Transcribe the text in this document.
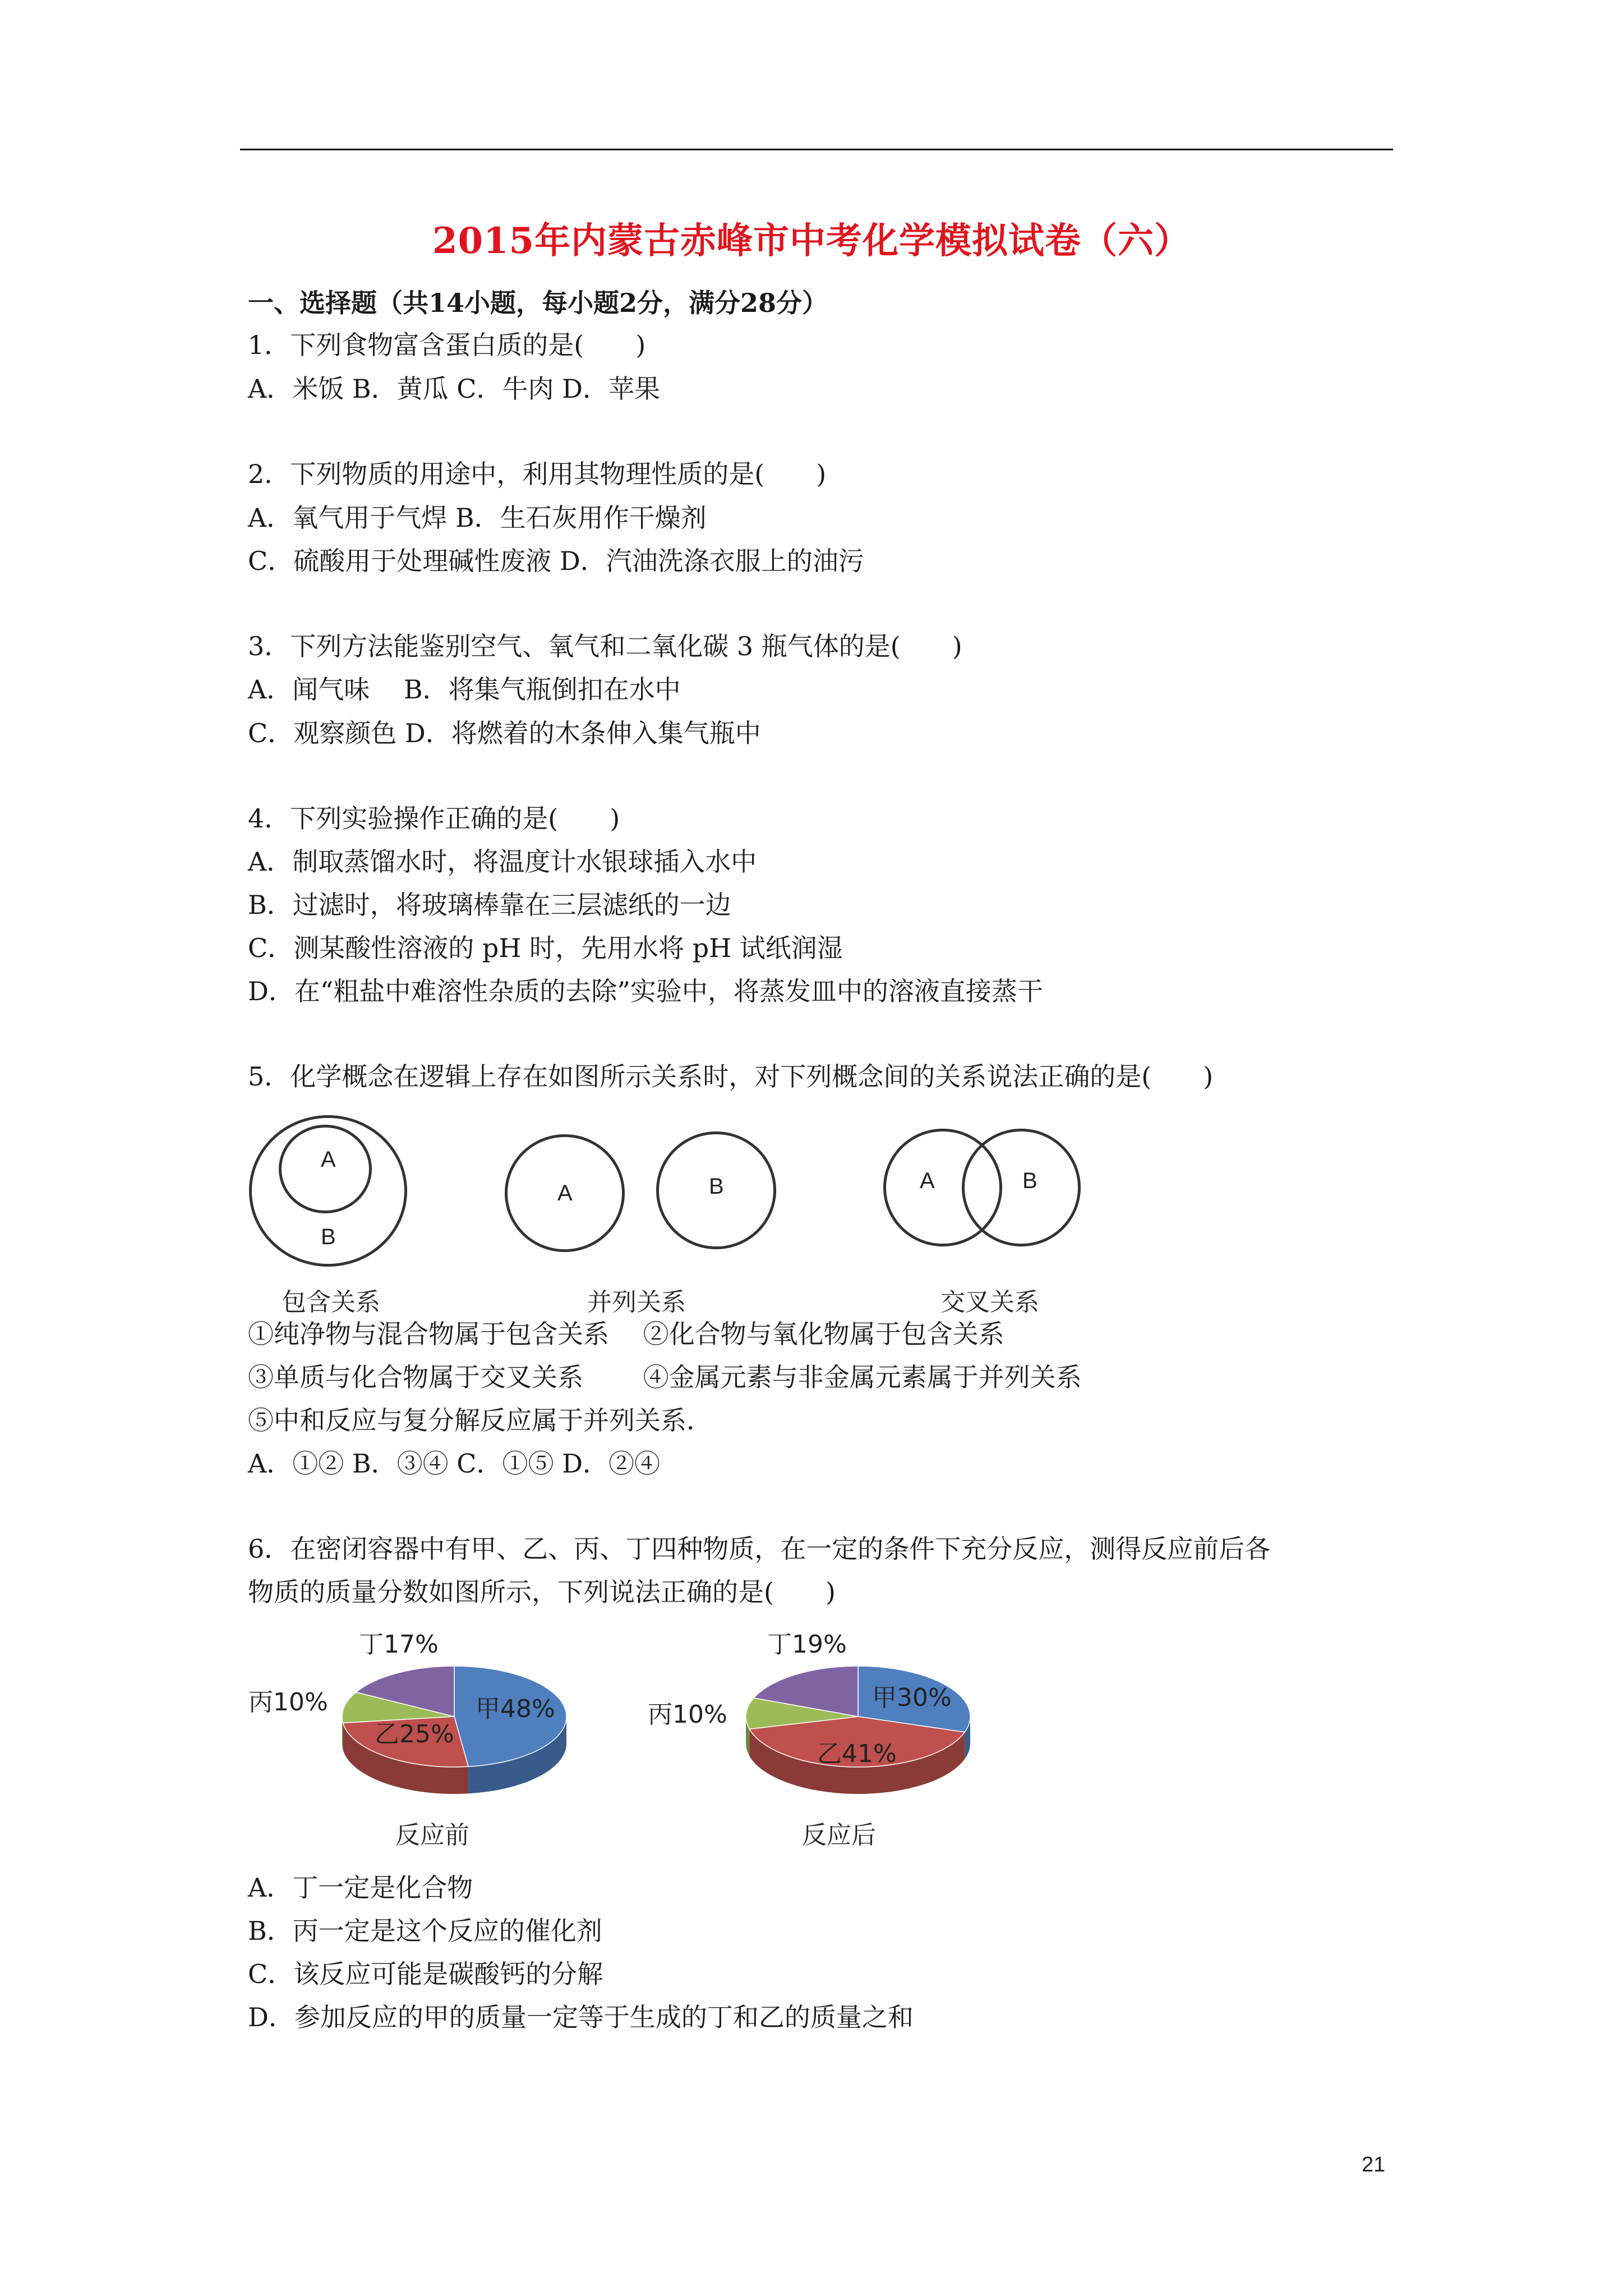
2015年内蒙古赤峰市中考化学模拟试卷（六）
一、选择题（共14小题，每小题2分，满分28分）
1．下列食物富含蛋白质的是(　　)
A．米饭 B．黄瓜 C．牛肉 D．苹果
2．下列物质的用途中，利用其物理性质的是(　　)
A．氧气用于气焊 B．生石灰用作干燥剂
C．硫酸用于处理碱性废液 D．汽油洗涤衣服上的油污
3．下列方法能鉴别空气、氧气和二氧化碳 3 瓶气体的是(　　)
A．闻气味　 B．将集气瓶倒扣在水中
C．观察颜色 D．将燃着的木条伸入集气瓶中
4．下列实验操作正确的是(　　)
A．制取蒸馏水时，将温度计水银球插入水中
B．过滤时，将玻璃棒靠在三层滤纸的一边
C．测某酸性溶液的 pH 时，先用水将 pH 试纸润湿
D．在“粗盐中难溶性杂质的去除”实验中，将蒸发皿中的溶液直接蒸干
5．化学概念在逻辑上存在如图所示关系时，对下列概念间的关系说法正确的是(　　)
A
B
包含关系
A	B
并列关系
A	B
交叉关系
①纯净物与混合物属于包含关系　 ②化合物与氧化物属于包含关系
③单质与化合物属于交叉关系　　 ④金属元素与非金属元素属于并列关系
⑤中和反应与复分解反应属于并列关系．
A．①② B．③④ C．①⑤ D．②④
6．在密闭容器中有甲、乙、丙、丁四种物质，在一定的条件下充分反应，测得反应前后各
物质的质量分数如图所示，下列说法正确的是(　　)
丁17%
丙10%
乙25%
甲48%
反应前
丁19%
丙10%
乙41%
甲30%
反应后
A．丁一定是化合物
B．丙一定是这个反应的催化剂
C．该反应可能是碳酸钙的分解
D．参加反应的甲的质量一定等于生成的丁和乙的质量之和
21
